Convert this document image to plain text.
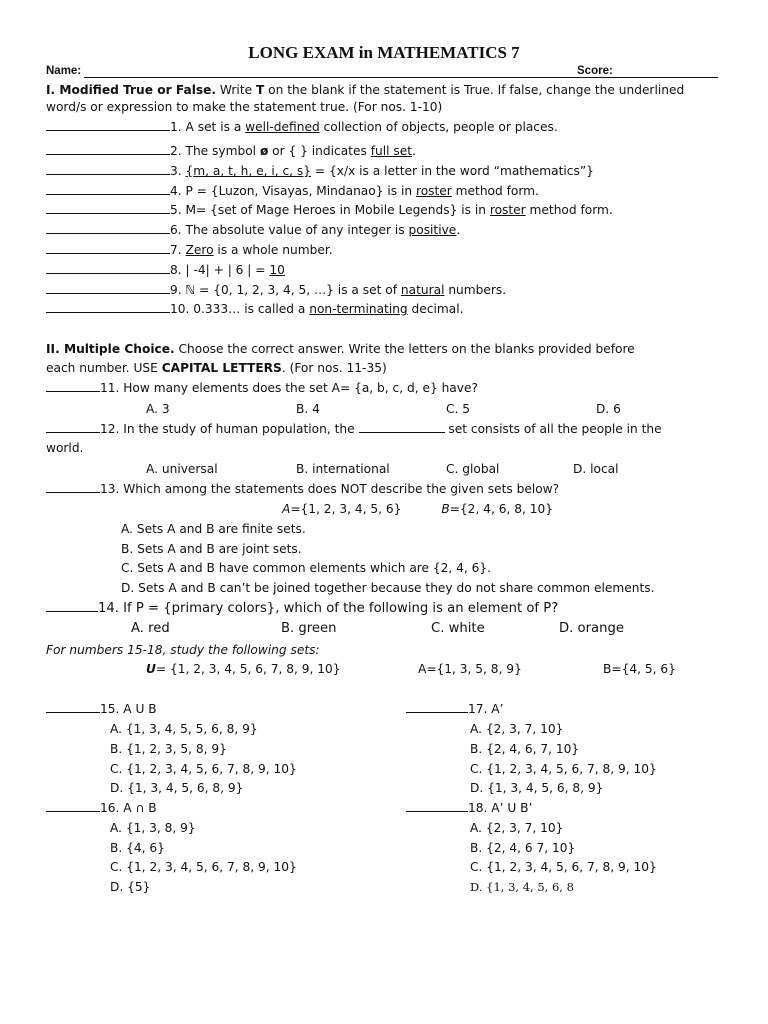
LONG EXAM in MATHEMATICS 7
Name:	Score:
I. Modified True or False. Write T on the blank if the statement is True. If false, change the underlined
word/s or expression to make the statement true. (For nos. 1-10)
1. A set is a well-defined collection of objects, people or places.
2. The symbol ø or { } indicates full set.
3. {m, a, t, h, e, i, c, s} = {x/x is a letter in the word “mathematics”}
4. P = {Luzon, Visayas, Mindanao} is in roster method form.
5. M= {set of Mage Heroes in Mobile Legends} is in roster method form.
6. The absolute value of any integer is positive.
7. Zero is a whole number.
8. | -4| + | 6 | = 10
9. ℕ = {0, 1, 2, 3, 4, 5, …} is a set of natural numbers.
10. 0.333… is called a non-terminating decimal.
II. Multiple Choice. Choose the correct answer. Write the letters on the blanks provided before
each number. USE CAPITAL LETTERS. (For nos. 11-35)
11. How many elements does the set A= {a, b, c, d, e} have?
A. 3	B. 4	C. 5	D. 6
12. In the study of human population, the	set consists of all the people in the
world.
A. universal	B. international	C. global	D. local
13. Which among the statements does NOT describe the given sets below?
A={1, 2, 3, 4, 5, 6}	B={2, 4, 6, 8, 10}
A. Sets A and B are finite sets.
B. Sets A and B are joint sets.
C. Sets A and B have common elements which are {2, 4, 6}.
D. Sets A and B can’t be joined together because they do not share common elements.
14. If P = {primary colors}, which of the following is an element of P?
A. red	B. green	C. white	D. orange
For numbers 15-18, study the following sets:
U= {1, 2, 3, 4, 5, 6, 7, 8, 9, 10}	A={1, 3, 5, 8, 9}	B={4, 5, 6}
15. A U B
A. {1, 3, 4, 5, 5, 6, 8, 9}
B. {1, 2, 3, 5, 8, 9}
C. {1, 2, 3, 4, 5, 6, 7, 8, 9, 10}
D. {1, 3, 4, 5, 6, 8, 9}
16. A ∩ B
A. {1, 3, 8, 9}
B. {4, 6}
C. {1, 2, 3, 4, 5, 6, 7, 8, 9, 10}
D. {5}
17. A’
A. {2, 3, 7, 10}
B. {2, 4, 6, 7, 10}
C. {1, 2, 3, 4, 5, 6, 7, 8, 9, 10}
D. {1, 3, 4, 5, 6, 8, 9}
18. A’ U B’
A. {2, 3, 7, 10}
B. {2, 4, 6 7, 10}
C. {1, 2, 3, 4, 5, 6, 7, 8, 9, 10}
D. {1, 3, 4, 5, 6, 8
